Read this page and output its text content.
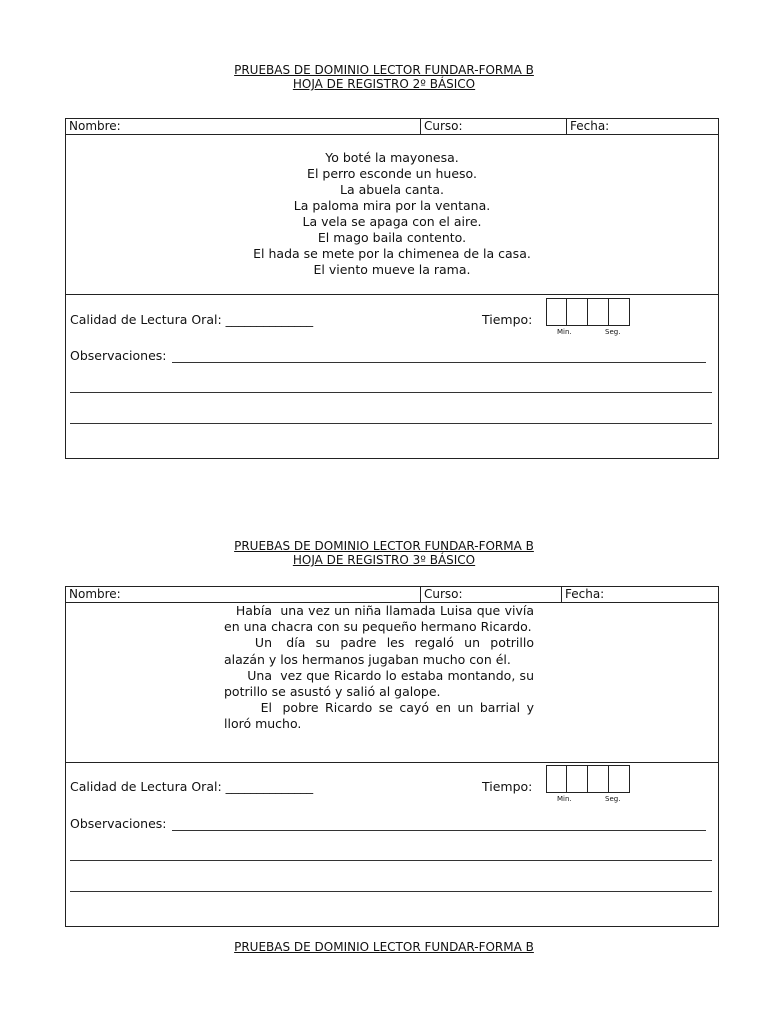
PRUEBAS DE DOMINIO LECTOR FUNDAR-FORMA B
HOJA DE REGISTRO 2º BÁSICO
Nombre:	Curso:	Fecha:
Yo boté la mayonesa.
El perro esconde un hueso.
La abuela canta.
La paloma mira por la ventana.
La vela se apaga con el aire.
El mago baila contento.
El hada se mete por la chimenea de la casa.
El viento mueve la rama.
Calidad de Lectura Oral: ______________	Tiempo:
Min.	Seg.
Observaciones:
PRUEBAS DE DOMINIO LECTOR FUNDAR-FORMA B
HOJA DE REGISTRO 3º BÁSICO
Nombre:	Curso:	Fecha:
Había una vez un niña llamada Luisa que vivía en una chacra con su pequeño hermano Ricardo.
Un día su padre les regaló un potrillo alazán y los hermanos jugaban mucho con él.
Una vez que Ricardo lo estaba montando, su potrillo se asustó y salió al galope.
El pobre Ricardo se cayó en un barrial y lloró mucho.
Calidad de Lectura Oral: ______________	Tiempo:
Min.	Seg.
Observaciones:
PRUEBAS DE DOMINIO LECTOR FUNDAR-FORMA B
